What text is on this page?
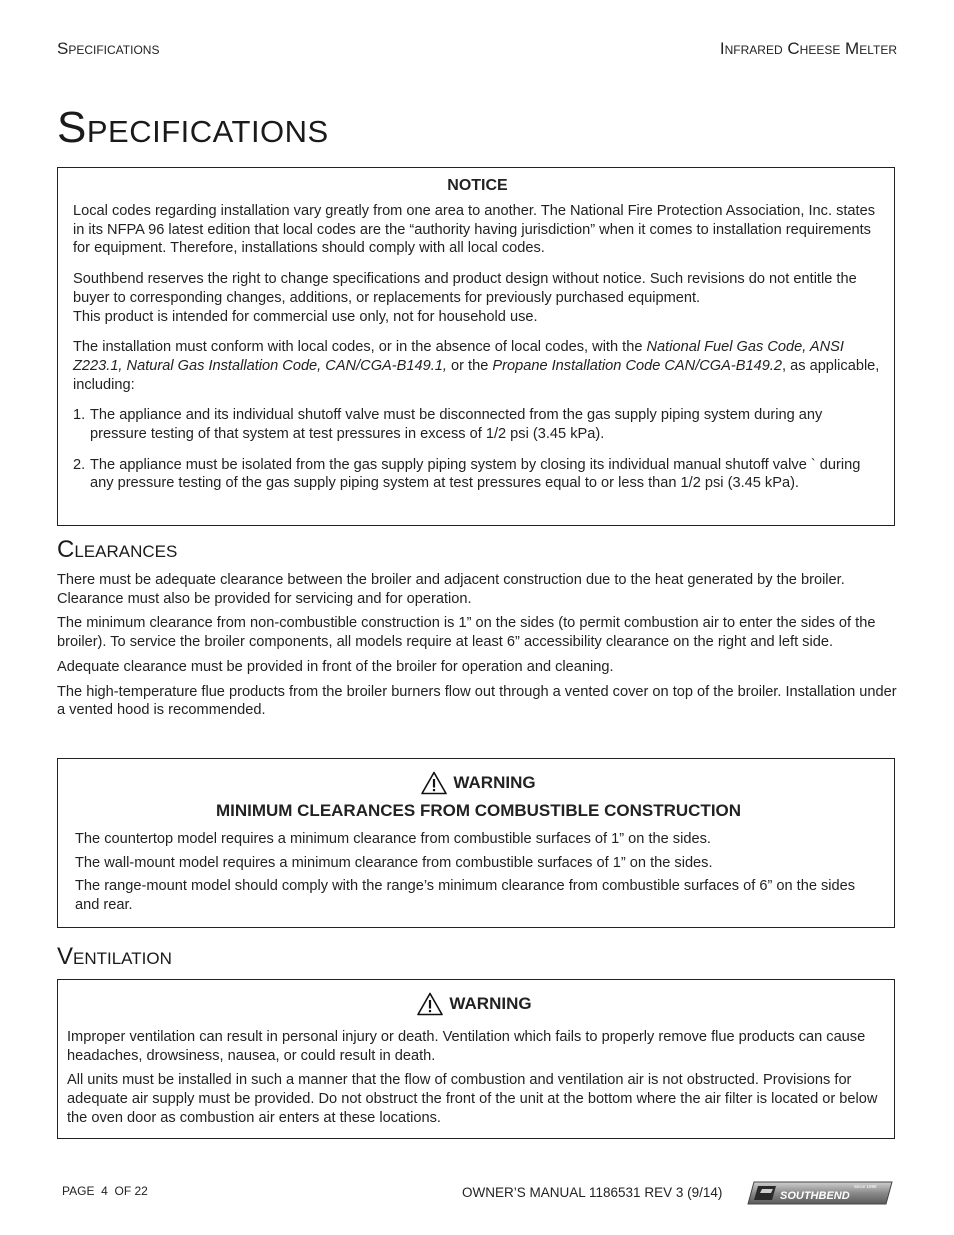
Specifications	Infrared Cheese Melter
Specifications
NOTICE

Local codes regarding installation vary greatly from one area to another. The National Fire Protection Association, Inc. states in its NFPA 96 latest edition that local codes are the “authority having jurisdiction” when it comes to installation requirements for equipment. Therefore, installations should comply with all local codes.

Southbend reserves the right to change specifications and product design without notice. Such revisions do not entitle the buyer to corresponding changes, additions, or replacements for previously purchased equipment.
This product is intended for commercial use only, not for household use.

The installation must conform with local codes, or in the absence of local codes, with the National Fuel Gas Code, ANSI Z223.1, Natural Gas Installation Code, CAN/CGA-B149.1, or the Propane Installation Code CAN/CGA-B149.2, as applicable, including:

1. The appliance and its individual shutoff valve must be disconnected from the gas supply piping system during any pressure testing of that system at test pressures in excess of 1/2 psi (3.45 kPa).
2. The appliance must be isolated from the gas supply piping system by closing its individual manual shutoff valve ` during any pressure testing of the gas supply piping system at test pressures equal to or less than 1/2 psi (3.45 kPa).
Clearances

There must be adequate clearance between the broiler and adjacent construction due to the heat generated by the broiler. Clearance must also be provided for servicing and for operation.

The minimum clearance from non-combustible construction is 1” on the sides (to permit combustion air to enter the sides of the broiler). To service the broiler components, all models require at least 6” accessibility clearance on the right and left side.

Adequate clearance must be provided in front of the broiler for operation and cleaning.

The high-temperature flue products from the broiler burners flow out through a vented cover on top of the broiler. Installation under a vented hood is recommended.

WARNING
MINIMUM CLEARANCES FROM COMBUSTIBLE CONSTRUCTION

The countertop model requires a minimum clearance from combustible surfaces of 1” on the sides.

The wall-mount model requires a minimum clearance from combustible surfaces of 1” on the sides.

The range-mount model should comply with the range’s minimum clearance from combustible surfaces of 6” on the sides and rear.

Ventilation
WARNING

Improper ventilation can result in personal injury or death. Ventilation which fails to properly remove flue products can cause headaches, drowsiness, nausea, or could result in death.

All units must be installed in such a manner that the flow of combustion and ventilation air is not obstructed. Provisions for adequate air supply must be provided. Do not obstruct the front of the unit at the bottom where the air filter is located or below the oven door as combustion air enters at these locations.

PAGE 4 OF 22	OWNER’S MANUAL 1186531 REV 3 (9/14)	SOUTHBEND
Since 1898
